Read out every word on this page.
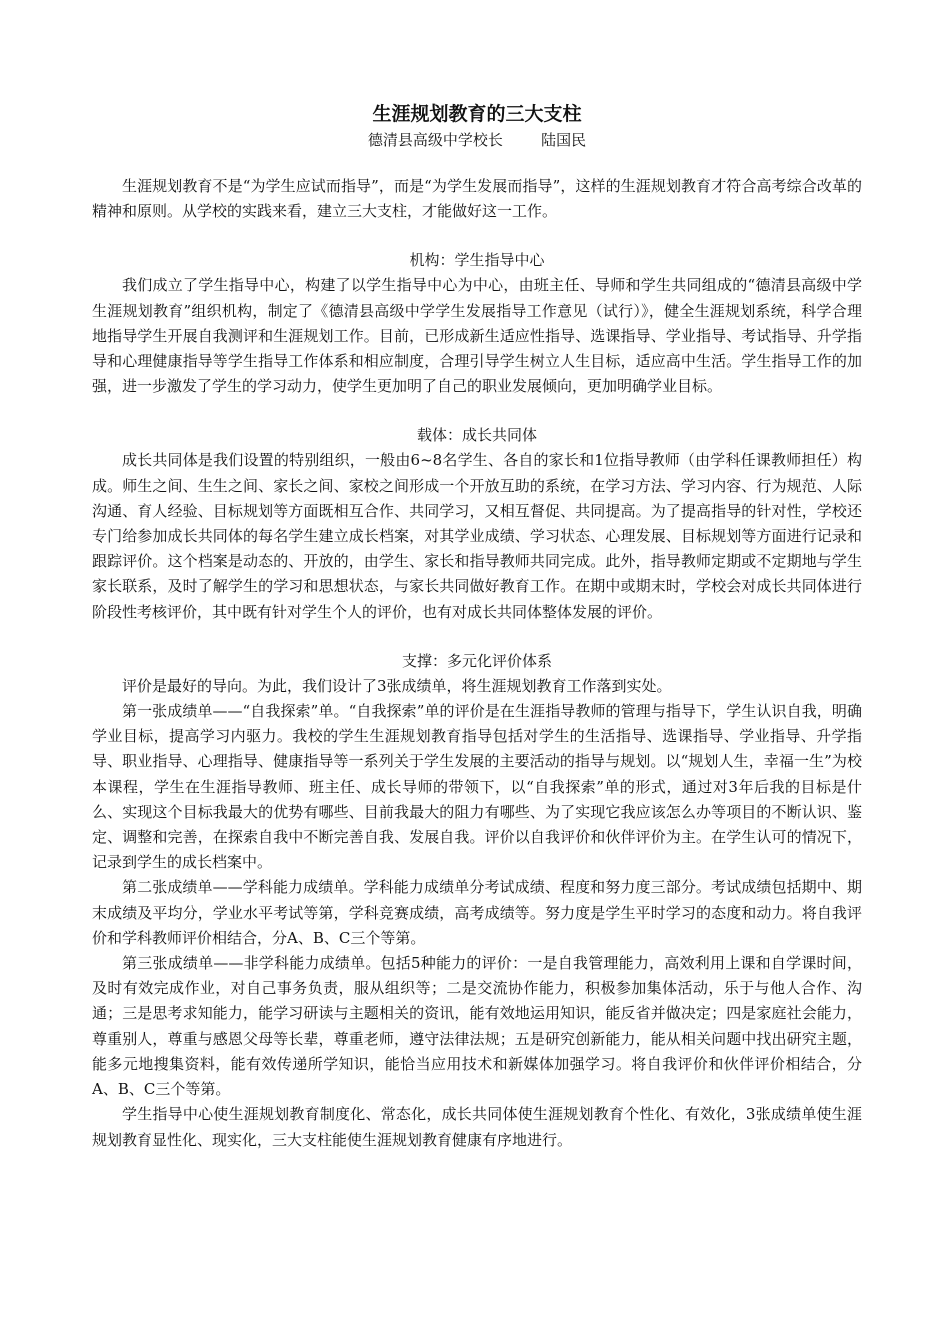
生涯规划教育的三大支柱

德清县高级中学校长        陆国民

生涯规划教育不是“为学生应试而指导”，而是“为学生发展而指导”，这样的生涯规划教育才符合高考综合改革的精神和原则。从学校的实践来看，建立三大支柱，才能做好这一工作。

机构：学生指导中心

我们成立了学生指导中心，构建了以学生指导中心为中心，由班主任、导师和学生共同组成的“德清县高级中学生涯规划教育”组织机构，制定了《德清县高级中学学生发展指导工作意见（试行）》，健全生涯规划系统，科学合理地指导学生开展自我测评和生涯规划工作。目前，已形成新生适应性指导、选课指导、学业指导、考试指导、升学指导和心理健康指导等学生指导工作体系和相应制度，合理引导学生树立人生目标，适应高中生活。学生指导工作的加强，进一步激发了学生的学习动力，使学生更加明了自己的职业发展倾向，更加明确学业目标。

载体：成长共同体

成长共同体是我们设置的特别组织，一般由6~8名学生、各自的家长和1位指导教师（由学科任课教师担任）构成。师生之间、生生之间、家长之间、家校之间形成一个开放互助的系统，在学习方法、学习内容、行为规范、人际沟通、育人经验、目标规划等方面既相互合作、共同学习，又相互督促、共同提高。为了提高指导的针对性，学校还专门给参加成长共同体的每名学生建立成长档案，对其学业成绩、学习状态、心理发展、目标规划等方面进行记录和跟踪评价。这个档案是动态的、开放的，由学生、家长和指导教师共同完成。此外，指导教师定期或不定期地与学生家长联系，及时了解学生的学习和思想状态，与家长共同做好教育工作。在期中或期末时，学校会对成长共同体进行阶段性考核评价，其中既有针对学生个人的评价，也有对成长共同体整体发展的评价。

支撑：多元化评价体系

评价是最好的导向。为此，我们设计了3张成绩单，将生涯规划教育工作落到实处。

第一张成绩单——“自我探索”单。“自我探索”单的评价是在生涯指导教师的管理与指导下，学生认识自我，明确学业目标，提高学习内驱力。我校的学生生涯规划教育指导包括对学生的生活指导、选课指导、学业指导、升学指导、职业指导、心理指导、健康指导等一系列关于学生发展的主要活动的指导与规划。以“规划人生，幸福一生”为校本课程，学生在生涯指导教师、班主任、成长导师的带领下，以“自我探索”单的形式，通过对3年后我的目标是什么、实现这个目标我最大的优势有哪些、目前我最大的阻力有哪些、为了实现它我应该怎么办等项目的不断认识、鉴定、调整和完善，在探索自我中不断完善自我、发展自我。评价以自我评价和伙伴评价为主。在学生认可的情况下，记录到学生的成长档案中。

第二张成绩单——学科能力成绩单。学科能力成绩单分考试成绩、程度和努力度三部分。考试成绩包括期中、期末成绩及平均分，学业水平考试等第，学科竞赛成绩，高考成绩等。努力度是学生平时学习的态度和动力。将自我评价和学科教师评价相结合，分A、B、C三个等第。

第三张成绩单——非学科能力成绩单。包括5种能力的评价：一是自我管理能力，高效利用上课和自学课时间，及时有效完成作业，对自己事务负责，服从组织等；二是交流协作能力，积极参加集体活动，乐于与他人合作、沟通；三是思考求知能力，能学习研读与主题相关的资讯，能有效地运用知识，能反省并做决定；四是家庭社会能力，尊重别人，尊重与感恩父母等长辈，尊重老师，遵守法律法规；五是研究创新能力，能从相关问题中找出研究主题，能多元地搜集资料，能有效传递所学知识，能恰当应用技术和新媒体加强学习。将自我评价和伙伴评价相结合，分A、B、C三个等第。

学生指导中心使生涯规划教育制度化、常态化，成长共同体使生涯规划教育个性化、有效化，3张成绩单使生涯规划教育显性化、现实化，三大支柱能使生涯规划教育健康有序地进行。
